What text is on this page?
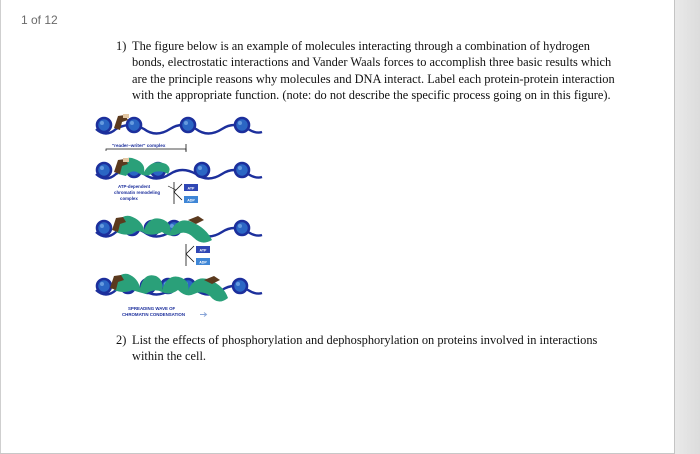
1 of 12
1) The figure below is an example of molecules interacting through a combination of hydrogen
bonds, electrostatic interactions and Vander Waals forces to accomplish three basic results which
are the principle reasons why molecules and DNA interact. Label each protein-protein interaction
with the appropriate function. (note: do not describe the specific process going on in this figure).
"reader–writer" complex
ATP-dependent chromatin remodeling complex
ATP
ADP
ATP
ADP
SPREADING WAVE OF CHROMATIN CONDENSATION
2) List the effects of phosphorylation and dephosphorylation on proteins involved in interactions
within the cell.
